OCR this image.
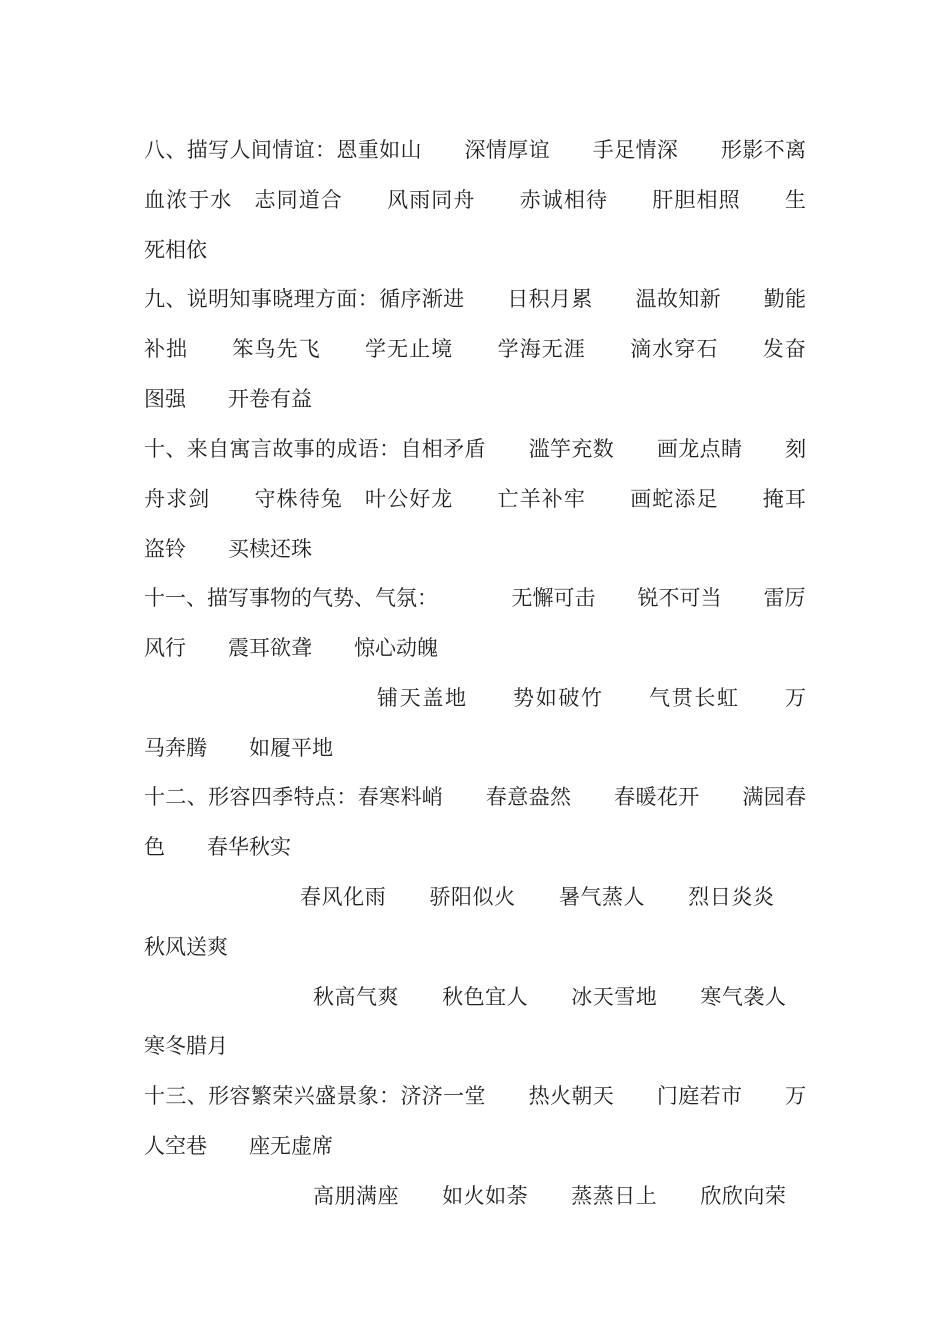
八、描写人间情谊：恩重如山　　深情厚谊　　手足情深　　形影不离
血浓于水　志同道合　　风雨同舟　　赤诚相待　　肝胆相照　　生
死相依
九、说明知事晓理方面：循序渐进　　日积月累　　温故知新　　勤能
补拙　　笨鸟先飞　　学无止境　　学海无涯　　滴水穿石　　发奋
图强　　开卷有益
十、来自寓言故事的成语：自相矛盾　　滥竽充数　　画龙点睛　　刻
舟求剑　　守株待兔　叶公好龙　　亡羊补牢　　画蛇添足　　掩耳
盗铃　　买椟还珠
十一、描写事物的气势、气氛：　　　　无懈可击　　锐不可当　　雷厉
风行　　震耳欲聋　　惊心动魄
铺天盖地　　势如破竹　　气贯长虹　　万
马奔腾　　如履平地
十二、形容四季特点：春寒料峭　　春意盎然　　春暖花开　　满园春
色　　春华秋实
春风化雨　　骄阳似火　　暑气蒸人　　烈日炎炎
秋风送爽
秋高气爽　　秋色宜人　　冰天雪地　　寒气袭人
寒冬腊月
十三、形容繁荣兴盛景象：济济一堂　　热火朝天　　门庭若市　　万
人空巷　　座无虚席
高朋满座　　如火如荼　　蒸蒸日上　　欣欣向荣
